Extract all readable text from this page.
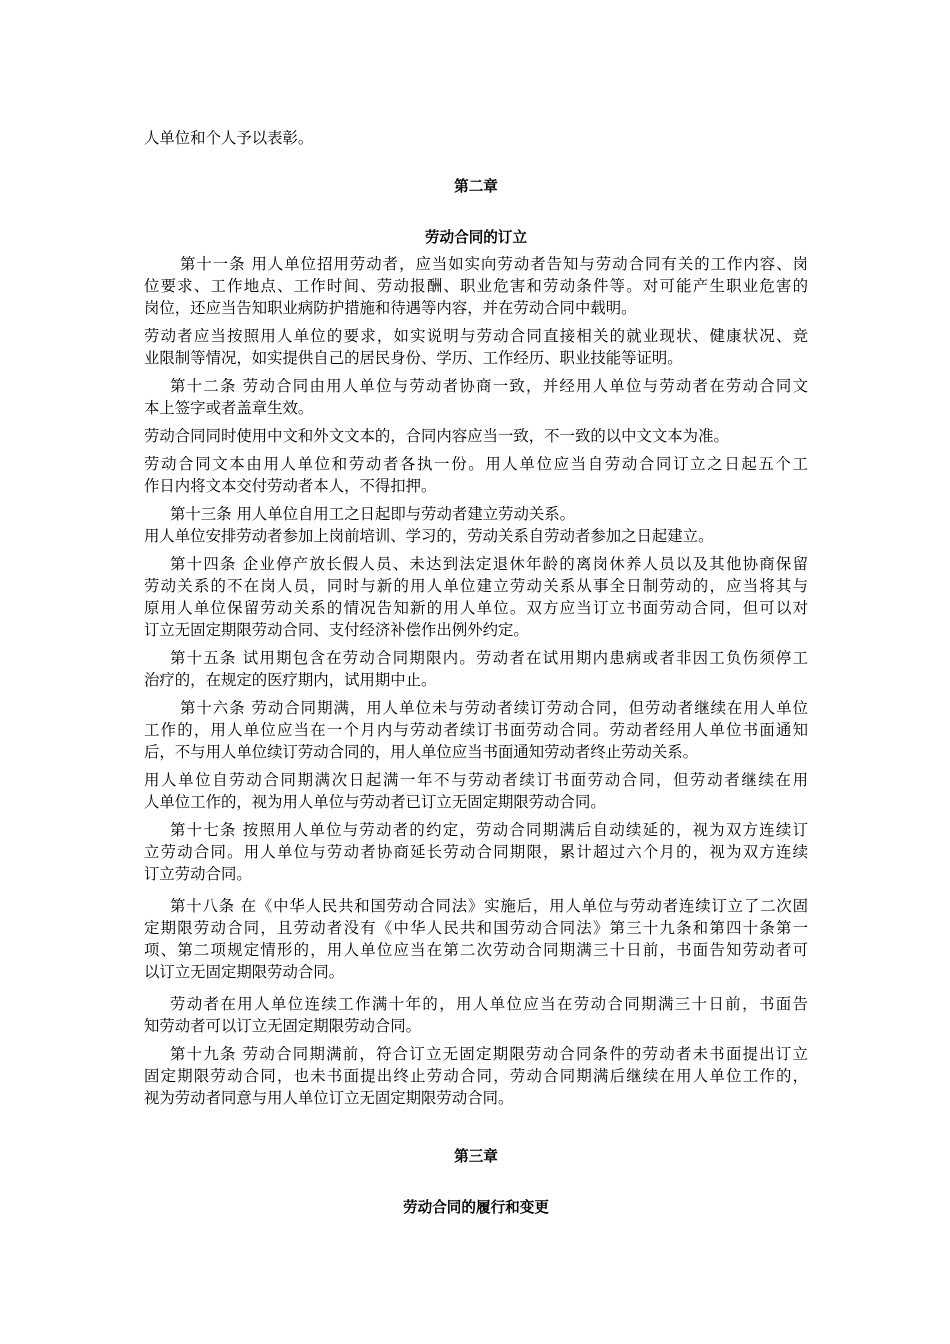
人单位和个人予以表彰。
第二章
劳动合同的订立
第十一条 用人单位招用劳动者，应当如实向劳动者告知与劳动合同有关的工作内容、岗
位要求、工作地点、工作时间、劳动报酬、职业危害和劳动条件等。对可能产生职业危害的
岗位，还应当告知职业病防护措施和待遇等内容，并在劳动合同中载明。
劳动者应当按照用人单位的要求，如实说明与劳动合同直接相关的就业现状、健康状况、竞
业限制等情况，如实提供自己的居民身份、学历、工作经历、职业技能等证明。
第十二条 劳动合同由用人单位与劳动者协商一致，并经用人单位与劳动者在劳动合同文
本上签字或者盖章生效。
劳动合同同时使用中文和外文文本的，合同内容应当一致，不一致的以中文文本为准。
劳动合同文本由用人单位和劳动者各执一份。用人单位应当自劳动合同订立之日起五个工
作日内将文本交付劳动者本人，不得扣押。
第十三条 用人单位自用工之日起即与劳动者建立劳动关系。
用人单位安排劳动者参加上岗前培训、学习的，劳动关系自劳动者参加之日起建立。
第十四条 企业停产放长假人员、未达到法定退休年龄的离岗休养人员以及其他协商保留
劳动关系的不在岗人员，同时与新的用人单位建立劳动关系从事全日制劳动的，应当将其与
原用人单位保留劳动关系的情况告知新的用人单位。双方应当订立书面劳动合同，但可以对
订立无固定期限劳动合同、支付经济补偿作出例外约定。
第十五条 试用期包含在劳动合同期限内。劳动者在试用期内患病或者非因工负伤须停工
治疗的，在规定的医疗期内，试用期中止。
第十六条 劳动合同期满，用人单位未与劳动者续订劳动合同，但劳动者继续在用人单位
工作的，用人单位应当在一个月内与劳动者续订书面劳动合同。劳动者经用人单位书面通知
后，不与用人单位续订劳动合同的，用人单位应当书面通知劳动者终止劳动关系。
用人单位自劳动合同期满次日起满一年不与劳动者续订书面劳动合同，但劳动者继续在用
人单位工作的，视为用人单位与劳动者已订立无固定期限劳动合同。
第十七条 按照用人单位与劳动者的约定，劳动合同期满后自动续延的，视为双方连续订
立劳动合同。用人单位与劳动者协商延长劳动合同期限，累计超过六个月的，视为双方连续
订立劳动合同。
第十八条 在《中华人民共和国劳动合同法》实施后，用人单位与劳动者连续订立了二次固
定期限劳动合同，且劳动者没有《中华人民共和国劳动合同法》第三十九条和第四十条第一
项、第二项规定情形的，用人单位应当在第二次劳动合同期满三十日前，书面告知劳动者可
以订立无固定期限劳动合同。
劳动者在用人单位连续工作满十年的，用人单位应当在劳动合同期满三十日前，书面告
知劳动者可以订立无固定期限劳动合同。
第十九条 劳动合同期满前，符合订立无固定期限劳动合同条件的劳动者未书面提出订立
固定期限劳动合同，也未书面提出终止劳动合同，劳动合同期满后继续在用人单位工作的，
视为劳动者同意与用人单位订立无固定期限劳动合同。
第三章
劳动合同的履行和变更
